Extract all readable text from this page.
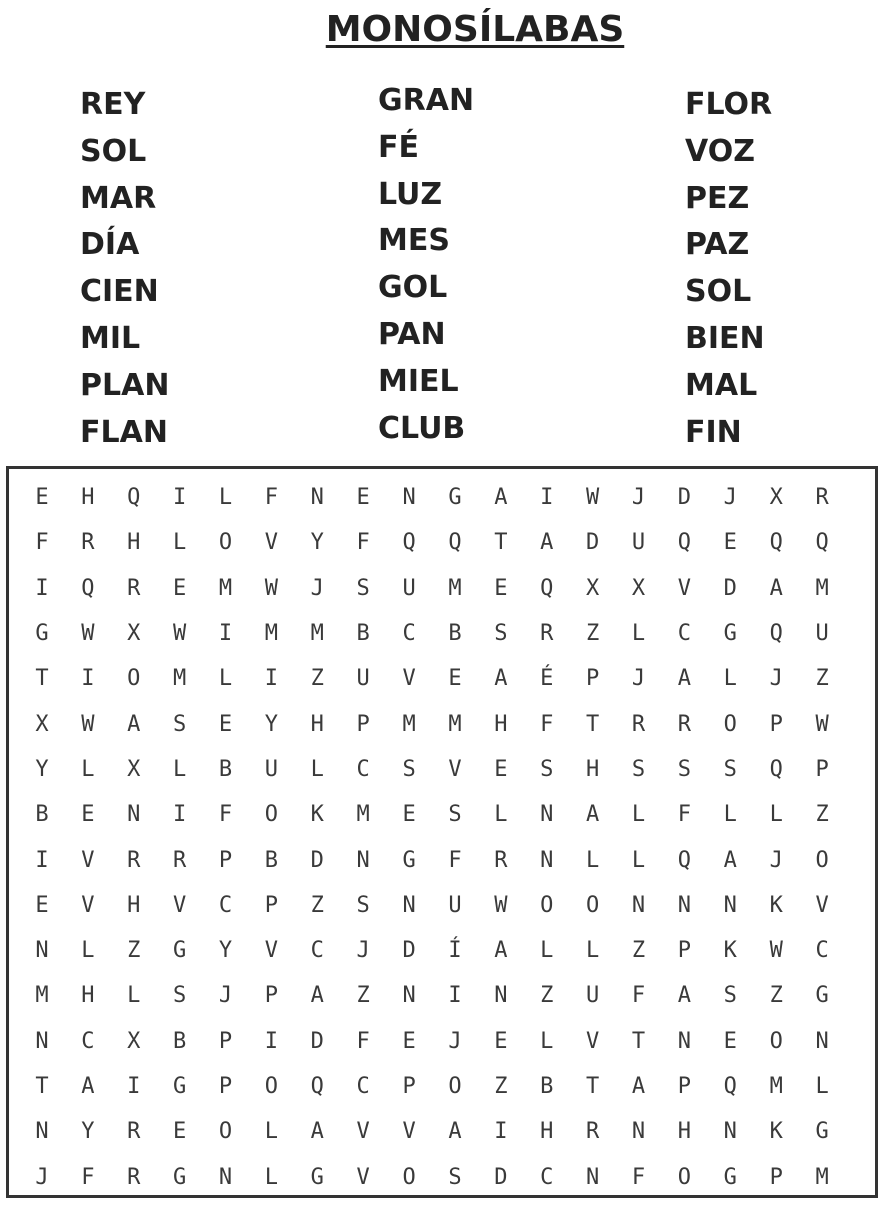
MONOSÍLABAS
REY
SOL
MAR
DÍA
CIEN
MIL
PLAN
FLAN
GRAN
FÉ
LUZ
MES
GOL
PAN
MIEL
CLUB
FLOR
VOZ
PEZ
PAZ
SOL
BIEN
MAL
FIN
E	H	Q	I	L	F	N	E	N	G	A	I	W	J	D	J	X	R
F	R	H	L	O	V	Y	F	Q	Q	T	A	D	U	Q	E	Q	Q
I	Q	R	E	M	W	J	S	U	M	E	Q	X	X	V	D	A	M
G	W	X	W	I	M	M	B	C	B	S	R	Z	L	C	G	Q	U
T	I	O	M	L	I	Z	U	V	E	A	É	P	J	A	L	J	Z
X	W	A	S	E	Y	H	P	M	M	H	F	T	R	R	O	P	W
Y	L	X	L	B	U	L	C	S	V	E	S	H	S	S	S	Q	P
B	E	N	I	F	O	K	M	E	S	L	N	A	L	F	L	L	Z
I	V	R	R	P	B	D	N	G	F	R	N	L	L	Q	A	J	O
E	V	H	V	C	P	Z	S	N	U	W	O	O	N	N	N	K	V
N	L	Z	G	Y	V	C	J	D	Í	A	L	L	Z	P	K	W	C
M	H	L	S	J	P	A	Z	N	I	N	Z	U	F	A	S	Z	G
N	C	X	B	P	I	D	F	E	J	E	L	V	T	N	E	O	N
T	A	I	G	P	O	Q	C	P	O	Z	B	T	A	P	Q	M	L
N	Y	R	E	O	L	A	V	V	A	I	H	R	N	H	N	K	G
J	F	R	G	N	L	G	V	O	S	D	C	N	F	O	G	P	M
